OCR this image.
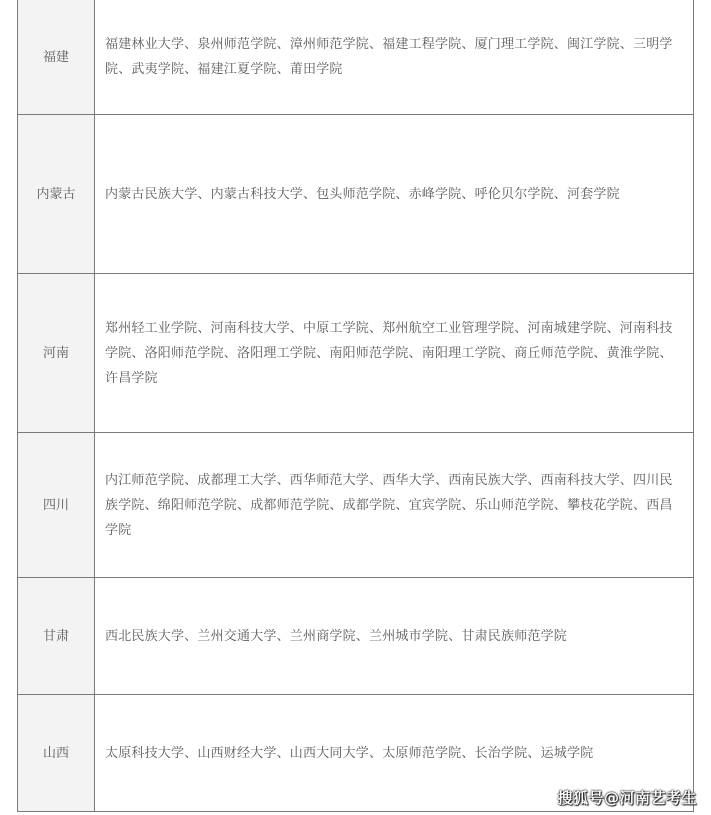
福建	福建林业大学、泉州师范学院、漳州师范学院、福建工程学院、厦门理工学院、闽江学院、三明学院、武夷学院、福建江夏学院、莆田学院
内蒙古	内蒙古民族大学、内蒙古科技大学、包头师范学院、赤峰学院、呼伦贝尔学院、河套学院
河南	郑州轻工业学院、河南科技大学、中原工学院、郑州航空工业管理学院、河南城建学院、河南科技学院、洛阳师范学院、洛阳理工学院、南阳师范学院、南阳理工学院、商丘师范学院、黄淮学院、许昌学院
四川	内江师范学院、成都理工大学、西华师范大学、西华大学、西南民族大学、西南科技大学、四川民族学院、绵阳师范学院、成都师范学院、成都学院、宜宾学院、乐山师范学院、攀枝花学院、西昌学院
甘肃	西北民族大学、兰州交通大学、兰州商学院、兰州城市学院、甘肃民族师范学院
山西	太原科技大学、山西财经大学、山西大同大学、太原师范学院、长治学院、运城学院
搜狐号@河南艺考生
